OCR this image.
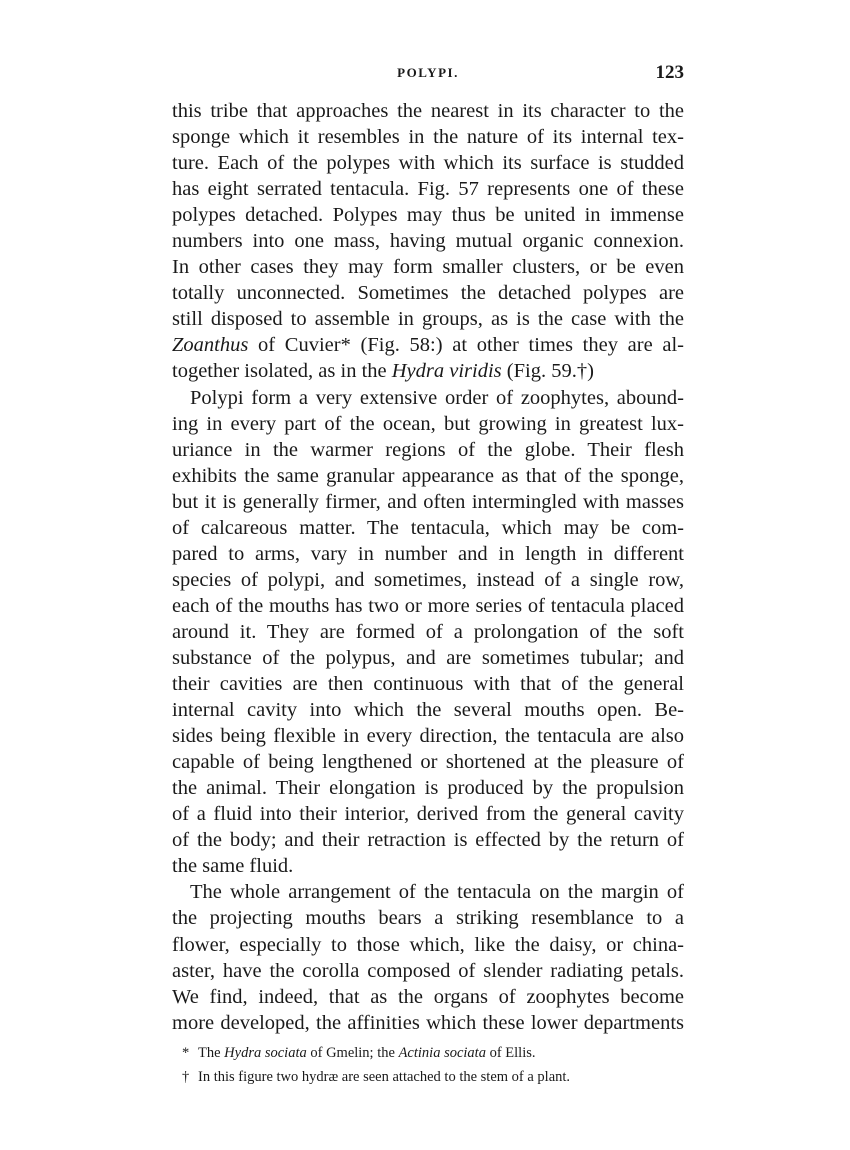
POLYPI.	123
this tribe that approaches the nearest in its character to the
sponge which it resembles in the nature of its internal tex-
ture. Each of the polypes with which its surface is studded
has eight serrated tentacula. Fig. 57 represents one of these
polypes detached. Polypes may thus be united in immense
numbers into one mass, having mutual organic connexion.
In other cases they may form smaller clusters, or be even
totally unconnected. Sometimes the detached polypes are
still disposed to assemble in groups, as is the case with the
Zoanthus of Cuvier* (Fig. 58:) at other times they are al-
together isolated, as in the Hydra viridis (Fig. 59.†)
Polypi form a very extensive order of zoophytes, abound-
ing in every part of the ocean, but growing in greatest lux-
uriance in the warmer regions of the globe. Their flesh
exhibits the same granular appearance as that of the sponge,
but it is generally firmer, and often intermingled with masses
of calcareous matter. The tentacula, which may be com-
pared to arms, vary in number and in length in different
species of polypi, and sometimes, instead of a single row,
each of the mouths has two or more series of tentacula placed
around it. They are formed of a prolongation of the soft
substance of the polypus, and are sometimes tubular; and
their cavities are then continuous with that of the general
internal cavity into which the several mouths open. Be-
sides being flexible in every direction, the tentacula are also
capable of being lengthened or shortened at the pleasure of
the animal. Their elongation is produced by the propulsion
of a fluid into their interior, derived from the general cavity
of the body; and their retraction is effected by the return of
the same fluid.
The whole arrangement of the tentacula on the margin of
the projecting mouths bears a striking resemblance to a
flower, especially to those which, like the daisy, or china-
aster, have the corolla composed of slender radiating petals.
We find, indeed, that as the organs of zoophytes become
more developed, the affinities which these lower departments
* The Hydra sociata of Gmelin; the Actinia sociata of Ellis.
† In this figure two hydræ are seen attached to the stem of a plant.
